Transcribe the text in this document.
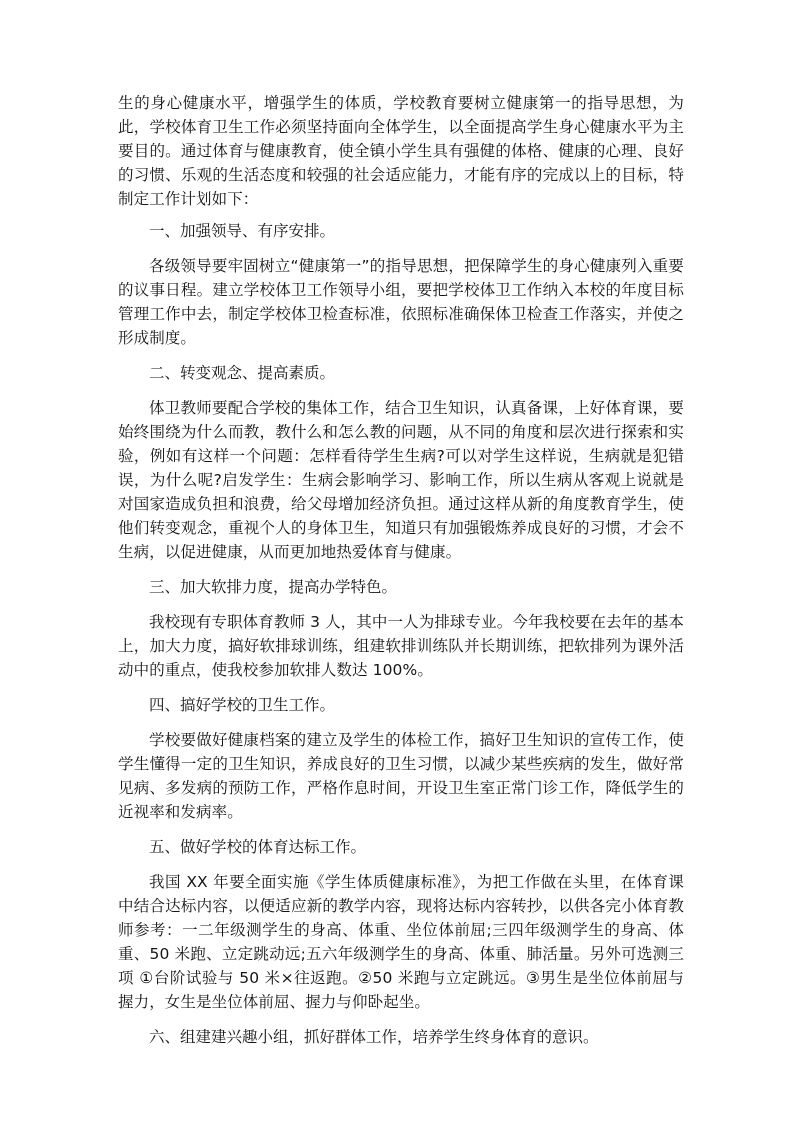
生的身心健康水平，增强学生的体质，学校教育要树立健康第一的指导思想，为此，学校体育卫生工作必须坚持面向全体学生，以全面提高学生身心健康水平为主要目的。通过体育与健康教育，使全镇小学生具有强健的体格、健康的心理、良好的习惯、乐观的生活态度和较强的社会适应能力，才能有序的完成以上的目标，特制定工作计划如下：

一、加强领导、有序安排。

各级领导要牢固树立“健康第一”的指导思想，把保障学生的身心健康列入重要的议事日程。建立学校体卫工作领导小组，要把学校体卫工作纳入本校的年度目标管理工作中去，制定学校体卫检查标准，依照标准确保体卫检查工作落实，并使之形成制度。

二、转变观念、提高素质。

体卫教师要配合学校的集体工作，结合卫生知识，认真备课，上好体育课，要始终围绕为什么而教，教什么和怎么教的问题，从不同的角度和层次进行探索和实验，例如有这样一个问题：怎样看待学生生病?可以对学生这样说，生病就是犯错误，为什么呢?启发学生：生病会影响学习、影响工作，所以生病从客观上说就是对国家造成负担和浪费，给父母增加经济负担。通过这样从新的角度教育学生，使他们转变观念，重视个人的身体卫生，知道只有加强锻炼养成良好的习惯，才会不生病，以促进健康，从而更加地热爱体育与健康。

三、加大软排力度，提高办学特色。

我校现有专职体育教师 3 人，其中一人为排球专业。今年我校要在去年的基本上，加大力度，搞好软排球训练，组建软排训练队并长期训练，把软排列为课外活动中的重点，使我校参加软排人数达 100%。

四、搞好学校的卫生工作。

学校要做好健康档案的建立及学生的体检工作，搞好卫生知识的宣传工作，使学生懂得一定的卫生知识，养成良好的卫生习惯，以减少某些疾病的发生，做好常见病、多发病的预防工作，严格作息时间，开设卫生室正常门诊工作，降低学生的近视率和发病率。

五、做好学校的体育达标工作。

我国 XX 年要全面实施《学生体质健康标准》，为把工作做在头里，在体育课中结合达标内容，以便适应新的教学内容，现将达标内容转抄，以供各完小体育教师参考：一二年级测学生的身高、体重、坐位体前屈;三四年级测学生的身高、体重、50 米跑、立定跳动远;五六年级测学生的身高、体重、肺活量。另外可选测三项 ①台阶试验与 50 米×往返跑。②50 米跑与立定跳远。③男生是坐位体前屈与握力，女生是坐位体前屈、握力与仰卧起坐。

六、组建建兴趣小组，抓好群体工作，培养学生终身体育的意识。
